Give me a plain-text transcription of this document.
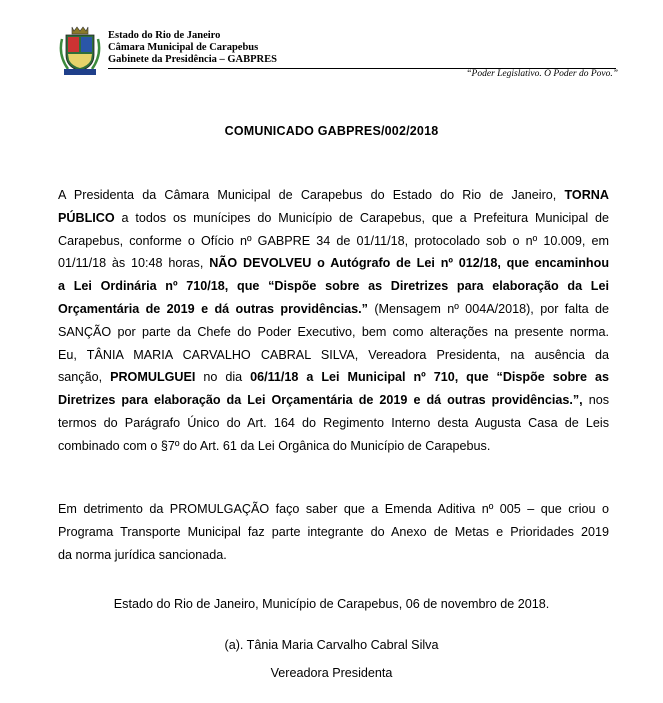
Estado do Rio de Janeiro
Câmara Municipal de Carapebus
Gabinete da Presidência – GABPRES
“Poder Legislativo. O Poder do Povo.”
COMUNICADO GABPRES/002/2018
A Presidenta da Câmara Municipal de Carapebus do Estado do Rio de Janeiro, TORNA
PÚBLICO a todos os munícipes do Município de Carapebus, que a Prefeitura Municipal de
Carapebus, conforme o Ofício nº GABPRE 34 de 01/11/18, protocolado sob o nº 10.009, em
01/11/18 às 10:48 horas, NÃO DEVOLVEU o Autógrafo de Lei nº 012/18, que encaminhou
a Lei Ordinária nº 710/18, que “Dispõe sobre as Diretrizes para elaboração da Lei
Orçamentária de 2019 e dá outras providências.” (Mensagem nº 004A/2018), por falta de
SANÇÃO por parte da Chefe do Poder Executivo, bem como alterações na presente norma.
Eu, TÂNIA MARIA CARVALHO CABRAL SILVA, Vereadora Presidenta, na ausência da
sanção, PROMULGUEI no dia 06/11/18 a Lei Municipal nº 710, que “Dispõe sobre as
Diretrizes para elaboração da Lei Orçamentária de 2019 e dá outras providências.”, nos
termos do Parágrafo Único do Art. 164 do Regimento Interno desta Augusta Casa de Leis
combinado com o §7º do Art. 61 da Lei Orgânica do Município de Carapebus.
Em detrimento da PROMULGAÇÃO faço saber que a Emenda Aditiva nº 005 – que criou o
Programa Transporte Municipal faz parte integrante do Anexo de Metas e Prioridades 2019
da norma jurídica sancionada.
Estado do Rio de Janeiro, Município de Carapebus, 06 de novembro de 2018.
(a). Tânia Maria Carvalho Cabral Silva
Vereadora Presidenta
